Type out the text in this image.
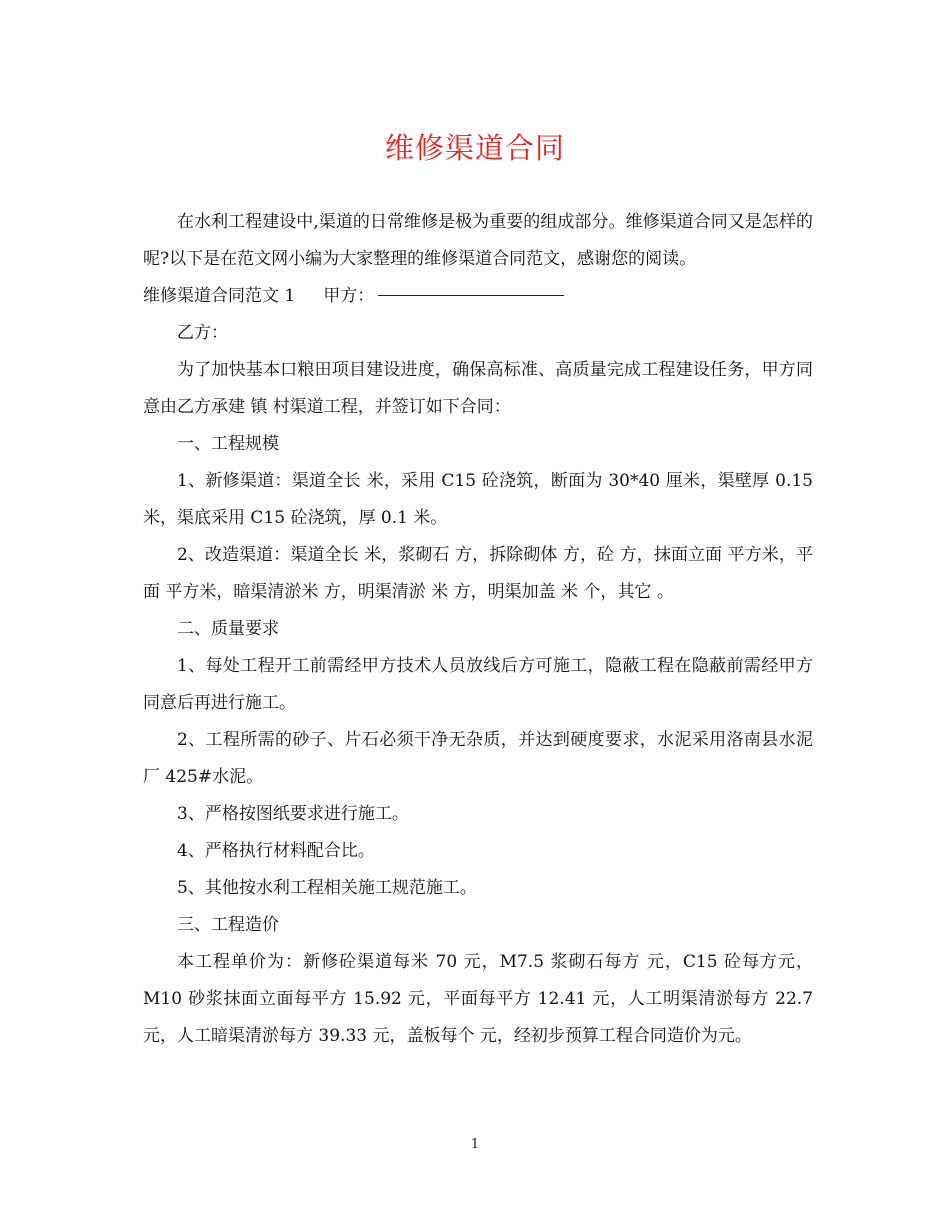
维修渠道合同

在水利工程建设中,渠道的日常维修是极为重要的组成部分。维修渠道合同又是怎样的呢?以下是在范文网小编为大家整理的维修渠道合同范文，感谢您的阅读。

维修渠道合同范文 1 甲方：

乙方：

为了加快基本口粮田项目建设进度，确保高标准、高质量完成工程建设任务，甲方同意由乙方承建 镇 村渠道工程，并签订如下合同：

一、工程规模

1、新修渠道：渠道全长 米，采用 C15 砼浇筑，断面为 30*40 厘米，渠壁厚 0.15 米，渠底采用 C15 砼浇筑，厚 0.1 米。

2、改造渠道：渠道全长 米，浆砌石 方，拆除砌体 方，砼 方，抹面立面 平方米，平面 平方米，暗渠清淤米 方，明渠清淤 米 方，明渠加盖 米 个，其它 。

二、质量要求

1、每处工程开工前需经甲方技术人员放线后方可施工，隐蔽工程在隐蔽前需经甲方同意后再进行施工。

2、工程所需的砂子、片石必须干净无杂质，并达到硬度要求，水泥采用洛南县水泥厂 425#水泥。

3、严格按图纸要求进行施工。

4、严格执行材料配合比。

5、其他按水利工程相关施工规范施工。

三、工程造价

本工程单价为：新修砼渠道每米 70 元，M7.5 浆砌石每方 元，C15 砼每方元，M10 砂浆抹面立面每平方 15.92 元，平面每平方 12.41 元，人工明渠清淤每方 22.7 元，人工暗渠清淤每方 39.33 元，盖板每个 元，经初步预算工程合同造价为元。

1
